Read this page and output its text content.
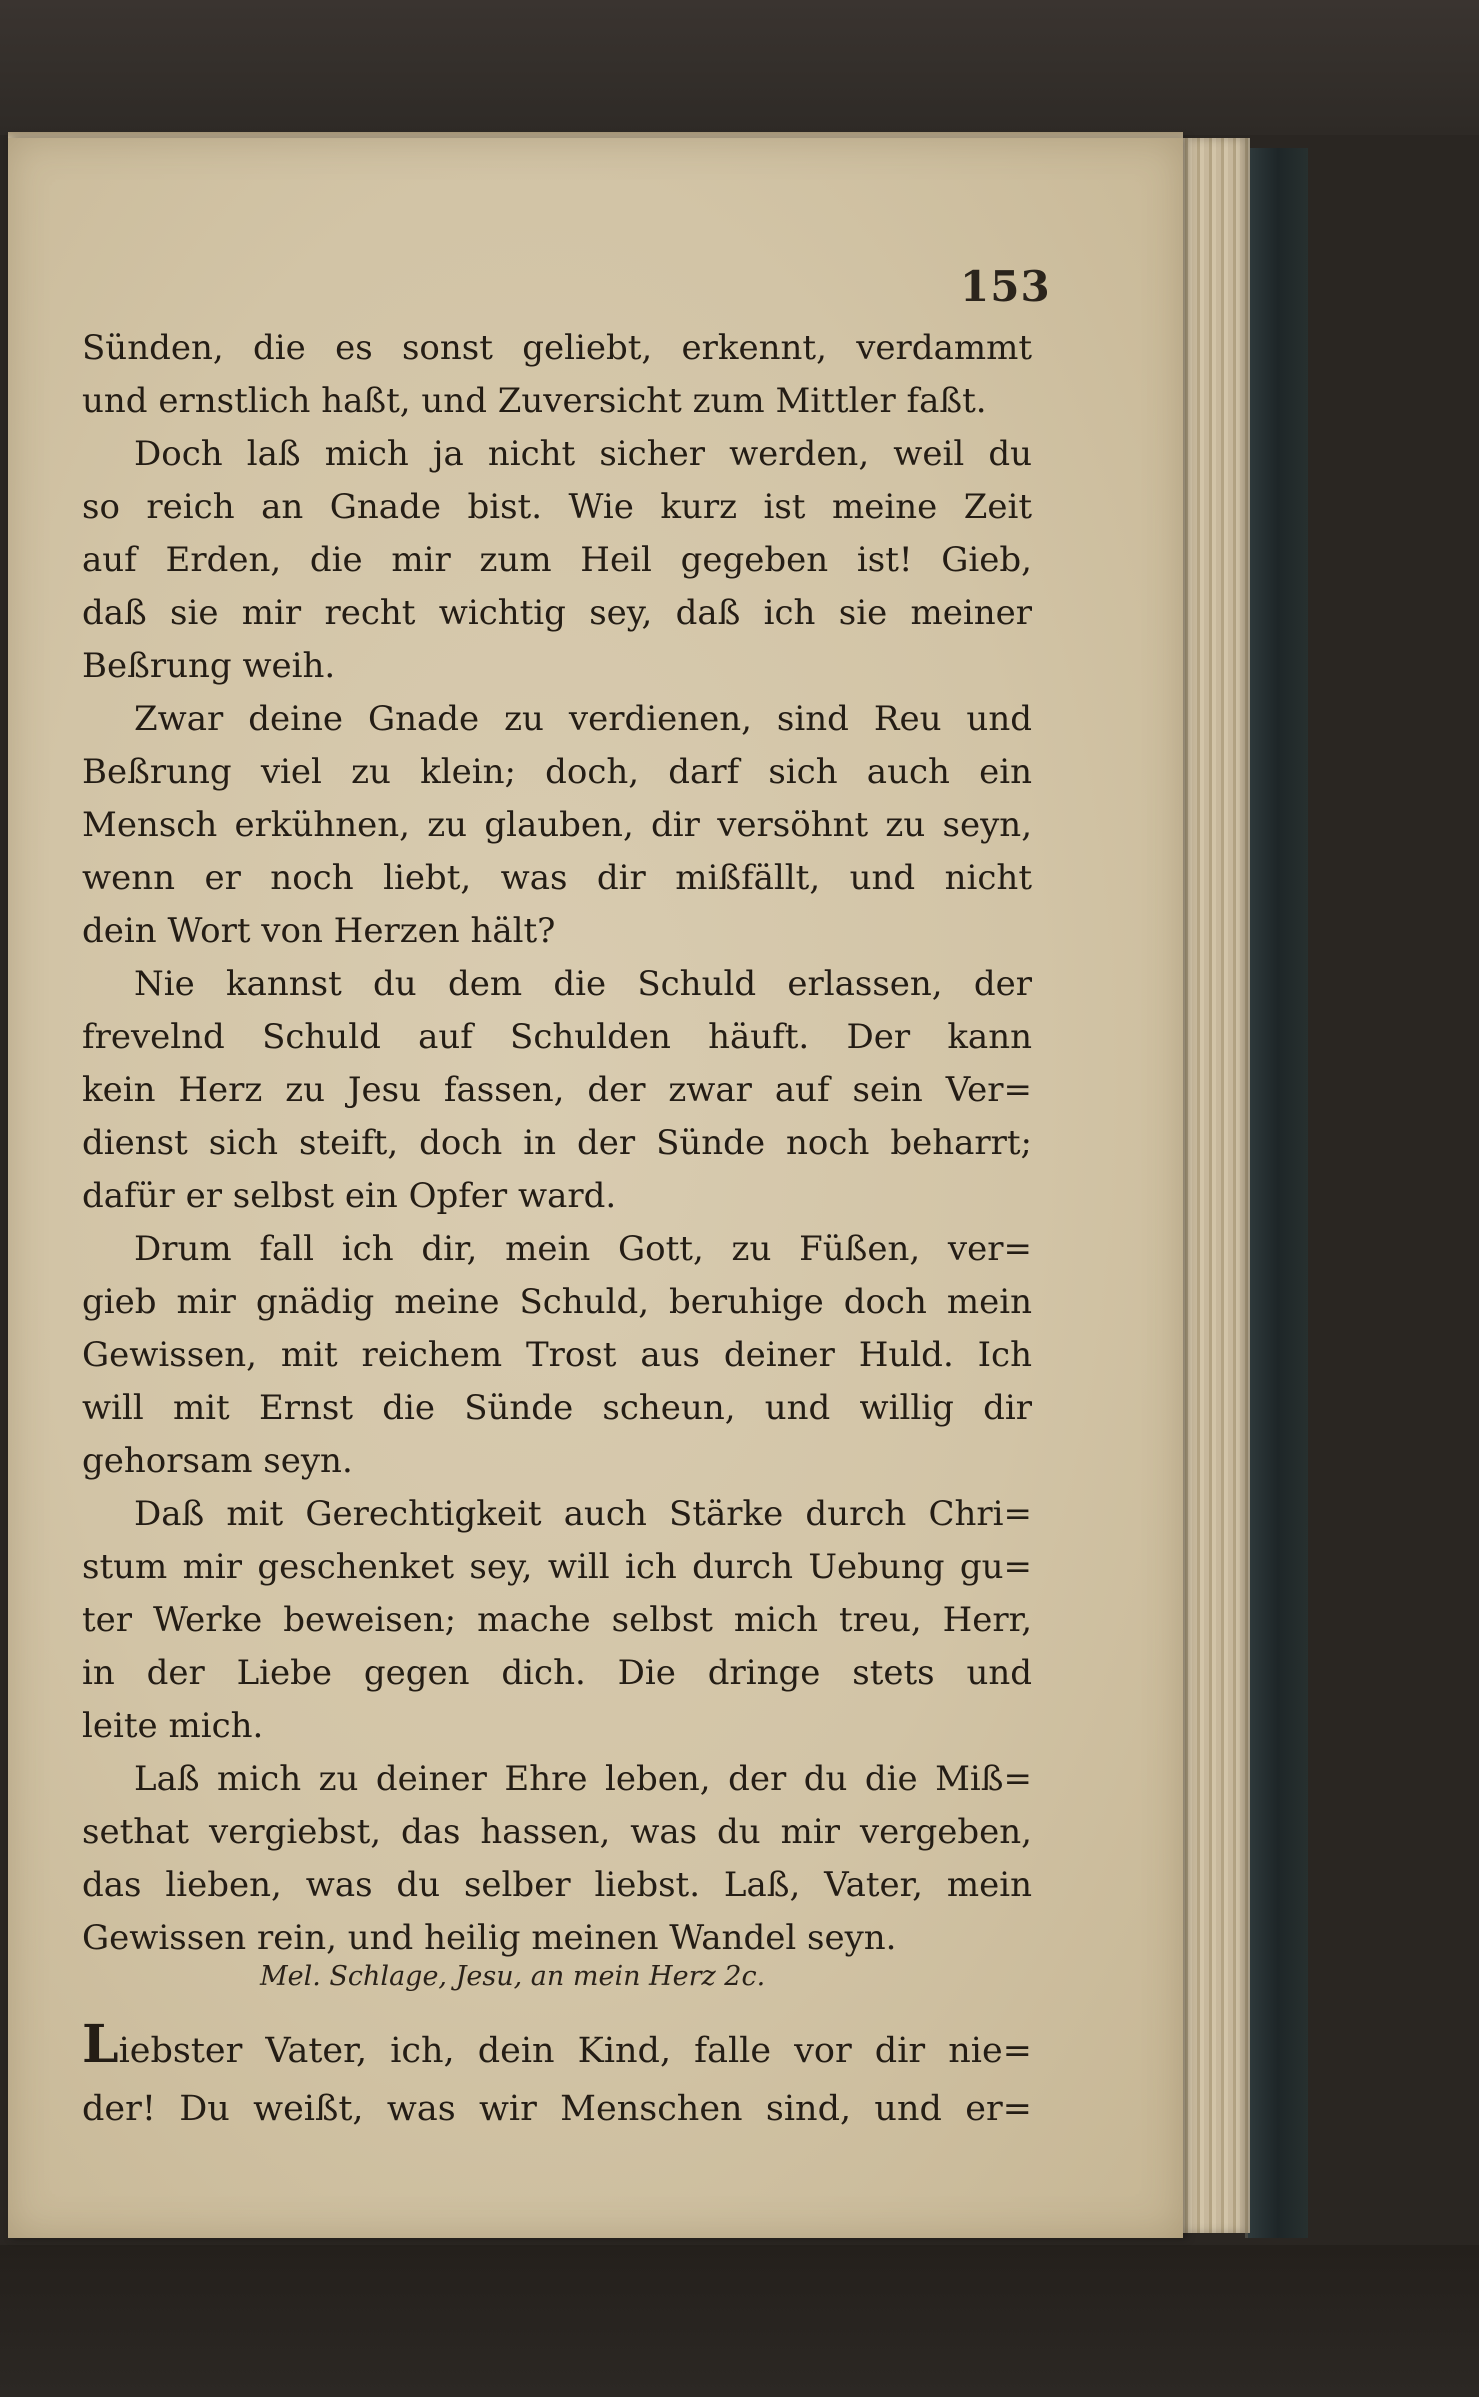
153
Sünden, die es sonst geliebt, erkennt, verdammt
und ernstlich haßt, und Zuversicht zum Mittler faßt.
Doch laß mich ja nicht sicher werden, weil du
so reich an Gnade bist. Wie kurz ist meine Zeit
auf Erden, die mir zum Heil gegeben ist! Gieb,
daß sie mir recht wichtig sey, daß ich sie meiner
Beßrung weih.
Zwar deine Gnade zu verdienen, sind Reu und
Beßrung viel zu klein; doch, darf sich auch ein
Mensch erkühnen, zu glauben, dir versöhnt zu seyn,
wenn er noch liebt, was dir mißfällt, und nicht
dein Wort von Herzen hält?
Nie kannst du dem die Schuld erlassen, der
frevelnd Schuld auf Schulden häuft. Der kann
kein Herz zu Jesu fassen, der zwar auf sein Ver=
dienst sich steift, doch in der Sünde noch beharrt;
dafür er selbst ein Opfer ward.
Drum fall ich dir, mein Gott, zu Füßen, ver=
gieb mir gnädig meine Schuld, beruhige doch mein
Gewissen, mit reichem Trost aus deiner Huld. Ich
will mit Ernst die Sünde scheun, und willig dir
gehorsam seyn.
Daß mit Gerechtigkeit auch Stärke durch Chri=
stum mir geschenket sey, will ich durch Uebung gu=
ter Werke beweisen; mache selbst mich treu, Herr,
in der Liebe gegen dich. Die dringe stets und
leite mich.
Laß mich zu deiner Ehre leben, der du die Miß=
sethat vergiebst, das hassen, was du mir vergeben,
das lieben, was du selber liebst. Laß, Vater, mein
Gewissen rein, und heilig meinen Wandel seyn.
Mel. Schlage, Jesu, an mein Herz 2c.
Liebster Vater, ich, dein Kind, falle vor dir nie=
der! Du weißt, was wir Menschen sind, und er=
